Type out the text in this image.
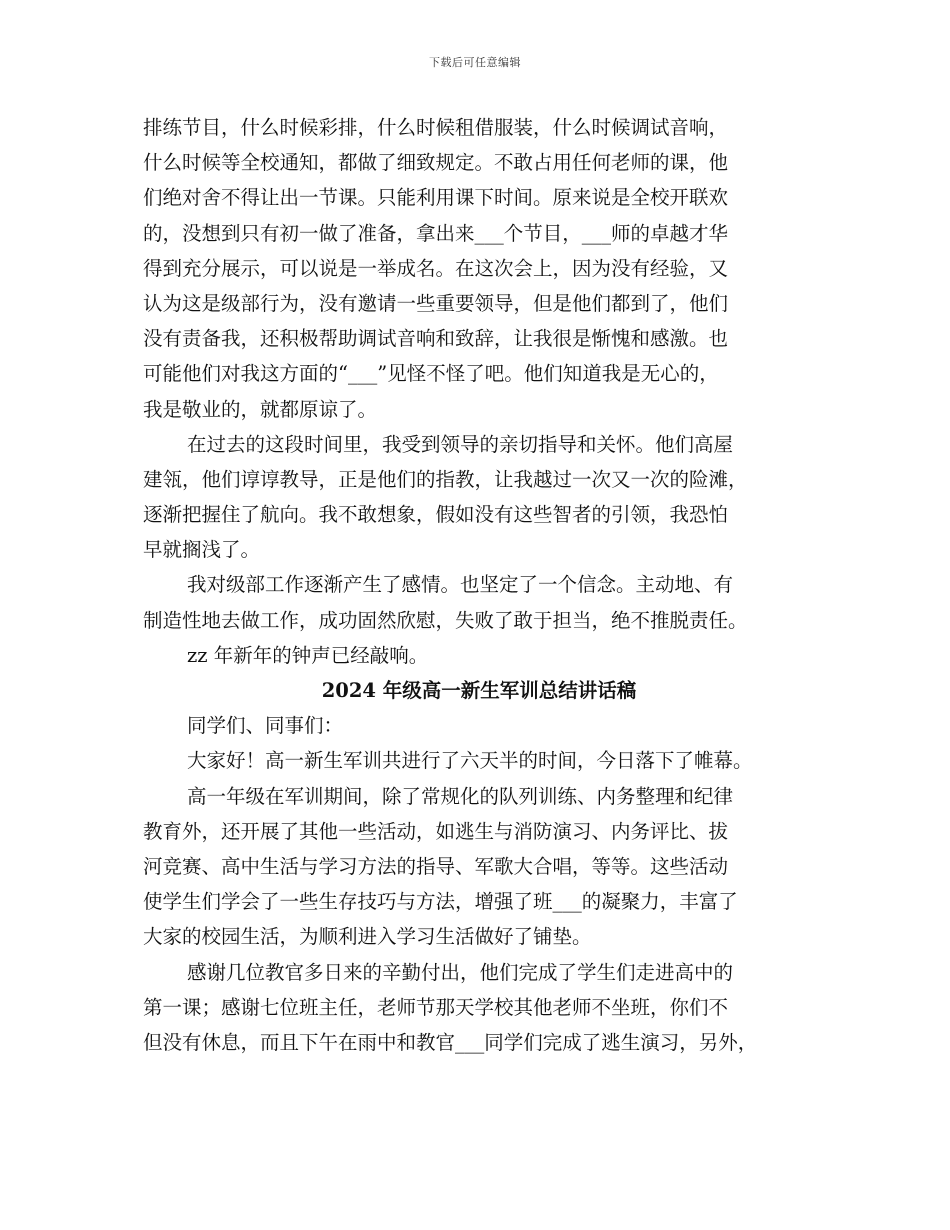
下载后可任意编辑
排练节目，什么时候彩排，什么时候租借服装，什么时候调试音响，
什么时候等全校通知，都做了细致规定。不敢占用任何老师的课，他
们绝对舍不得让出一节课。只能利用课下时间。原来说是全校开联欢
的，没想到只有初一做了准备，拿出来___个节目，___师的卓越才华
得到充分展示，可以说是一举成名。在这次会上，因为没有经验，又
认为这是级部行为，没有邀请一些重要领导，但是他们都到了，他们
没有责备我，还积极帮助调试音响和致辞，让我很是惭愧和感激。也
可能他们对我这方面的“___”见怪不怪了吧。他们知道我是无心的，
我是敬业的，就都原谅了。
在过去的这段时间里，我受到领导的亲切指导和关怀。他们高屋
建瓴，他们谆谆教导，正是他们的指教，让我越过一次又一次的险滩，
逐渐把握住了航向。我不敢想象，假如没有这些智者的引领，我恐怕
早就搁浅了。
我对级部工作逐渐产生了感情。也坚定了一个信念。主动地、有
制造性地去做工作，成功固然欣慰，失败了敢于担当，绝不推脱责任。
zz 年新年的钟声已经敲响。
2024 年级高一新生军训总结讲话稿
同学们、同事们：
大家好！高一新生军训共进行了六天半的时间，今日落下了帷幕。
高一年级在军训期间，除了常规化的队列训练、内务整理和纪律
教育外，还开展了其他一些活动，如逃生与消防演习、内务评比、拔
河竞赛、高中生活与学习方法的指导、军歌大合唱，等等。这些活动
使学生们学会了一些生存技巧与方法，增强了班___的凝聚力，丰富了
大家的校园生活，为顺利进入学习生活做好了铺垫。
感谢几位教官多日来的辛勤付出，他们完成了学生们走进高中的
第一课；感谢七位班主任，老师节那天学校其他老师不坐班，你们不
但没有休息，而且下午在雨中和教官___同学们完成了逃生演习，另外，
